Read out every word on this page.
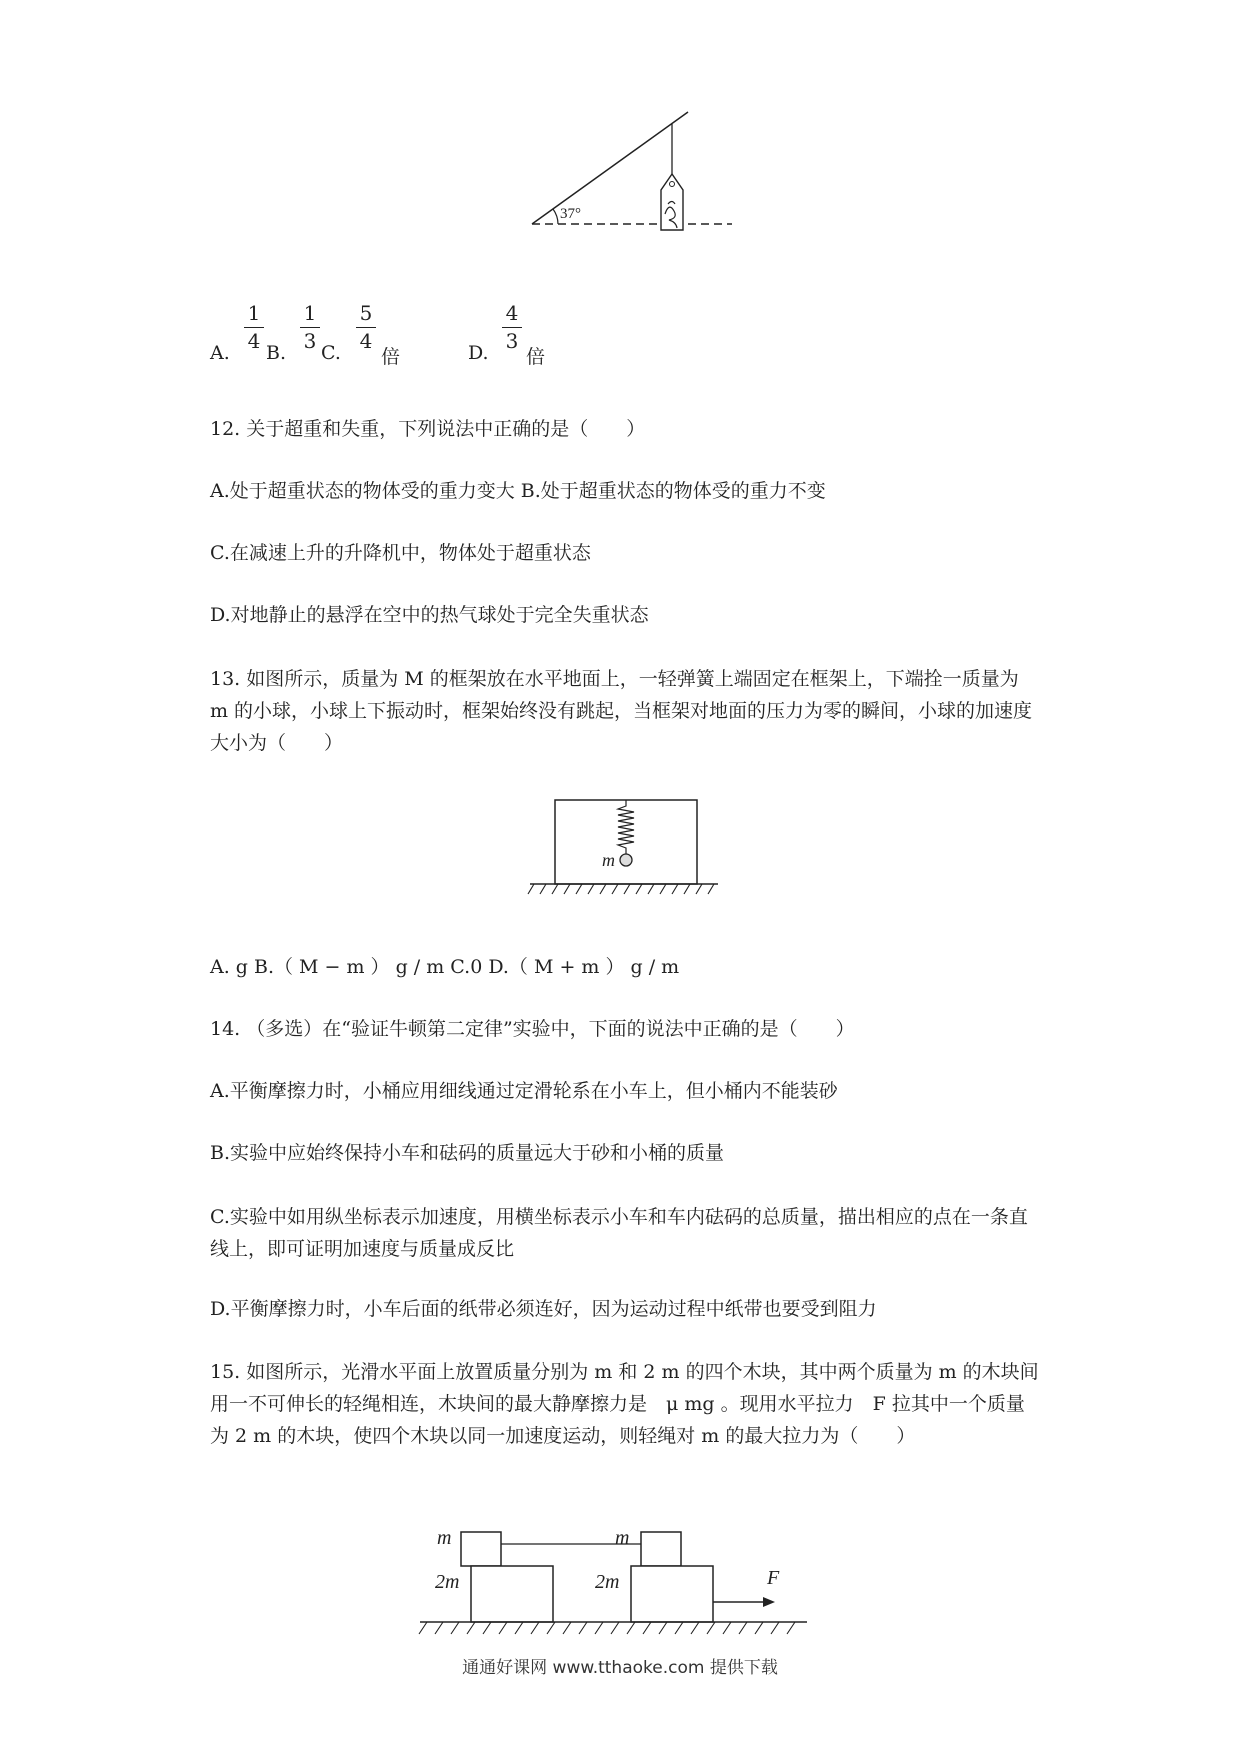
37°
A. $\frac{1}{4} B$. $\frac{1}{3} C$. $\frac{5}{4}$
倍	D. $\frac{4}{3}$
倍
12. 关于超重和失重，下列说法中正确的是（　　）
A.处于超重状态的物体受的重力变大 B.处于超重状态的物体受的重力不变
C.在减速上升的升降机中，物体处于超重状态
D.对地静止的悬浮在空中的热气球处于完全失重状态
13. 如图所示，质量为 M 的框架放在水平地面上，一轻弹簧上端固定在框架上，下端拴一质量为 m 的小球，小球上下振动时，框架始终没有跳起，当框架对地面的压力为零的瞬间，小球的加速度大小为（　　）
m
A. g B.（ M − m ） g / m C.0 D.（ M + m ） g / m
14. （多选）在“验证牛顿第二定律”实验中，下面的说法中正确的是（　　）
A.平衡摩擦力时，小桶应用细线通过定滑轮系在小车上，但小桶内不能装砂
B.实验中应始终保持小车和砝码的质量远大于砂和小桶的质量
C.实验中如用纵坐标表示加速度，用横坐标表示小车和车内砝码的总质量，描出相应的点在一条直线上，即可证明加速度与质量成反比
D.平衡摩擦力时，小车后面的纸带必须连好，因为运动过程中纸带也要受到阻力
15. 如图所示，光滑水平面上放置质量分别为 m 和 2 m 的四个木块，其中两个质量为 m 的木块间用一不可伸长的轻绳相连，木块间的最大静摩擦力是　μ mg 。现用水平拉力　F 拉其中一个质量为 2 m 的木块，使四个木块以同一加速度运动，则轻绳对 m 的最大拉力为（　　）
m
2m
m
2m	F
通通好课网 www.tthaoke.com 提供下载
